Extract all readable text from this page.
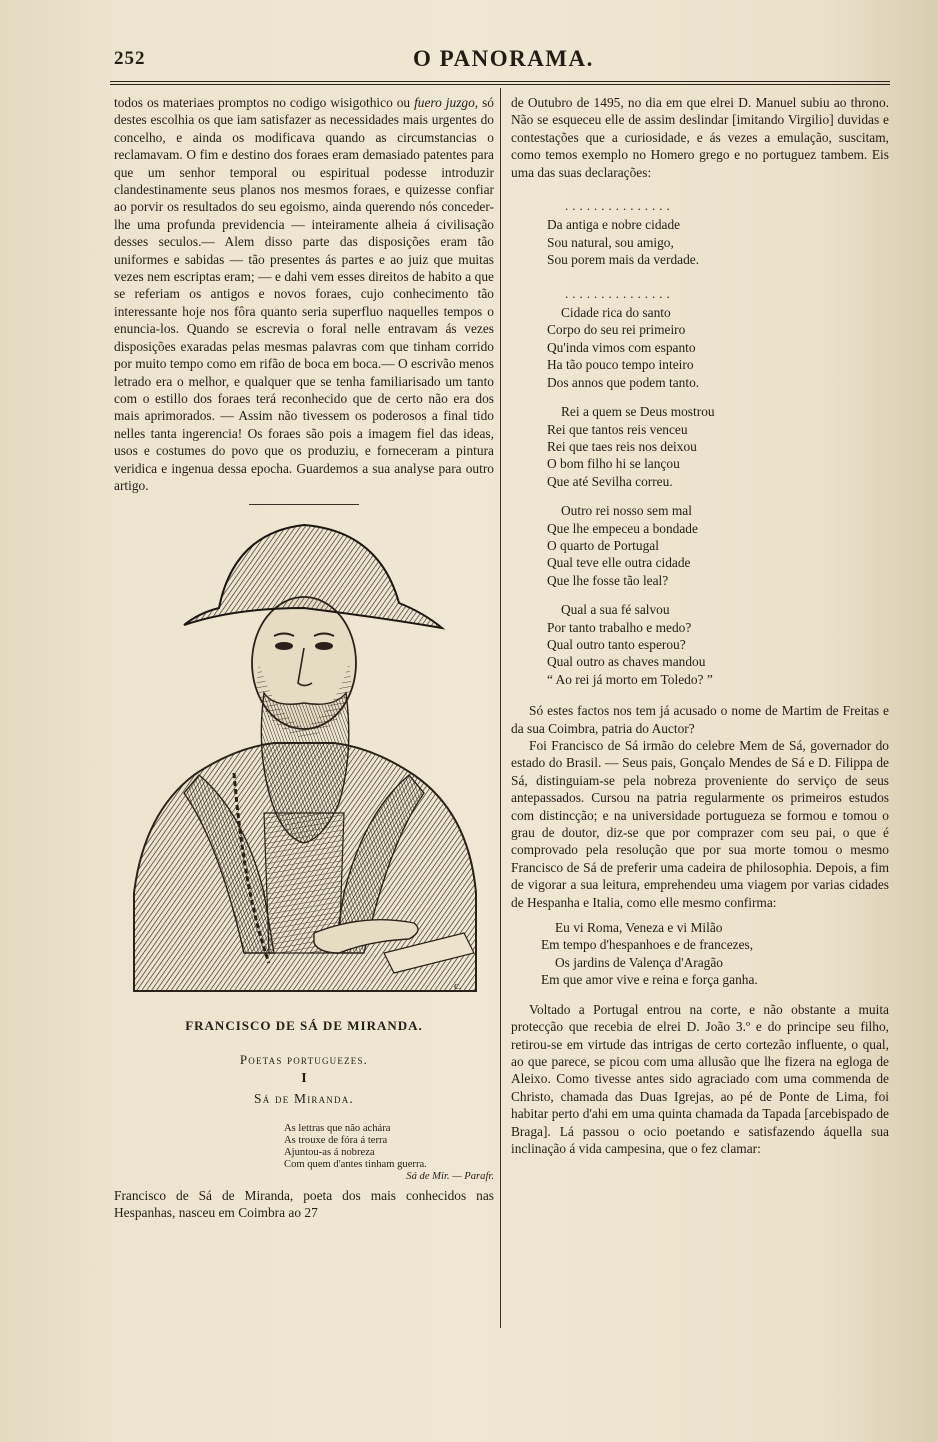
252	O PANORAMA.

todos os materiaes promptos no codigo wisigothico ou fuero juzgo, só destes escolhia os que iam satisfazer as necessidades mais urgentes do concelho, e ainda os modificava quando as circumstancias o reclamavam. O fim e destino dos foraes eram demasiado patentes para que um senhor temporal ou espiritual podesse introduzir clandestinamente seus planos nos mesmos foraes, e quizesse confiar ao porvir os resultados do seu egoismo, ainda querendo nós conceder-lhe uma profunda previdencia — inteiramente alheia á civilisação desses seculos.— Alem disso parte das disposições eram tão uniformes e sabidas — tão presentes ás partes e ao juiz que muitas vezes nem escriptas eram; — e dahi vem esses direitos de habito a que se referiam os antigos e novos foraes, cujo conhecimento tão interessante hoje nos fôra quanto seria superfluo naquelles tempos o enuncia-los. Quando se escrevia o foral nelle entravam ás vezes disposições exaradas pelas mesmas palavras com que tinham corrido por muito tempo como em rifão de boca em boca.— O escrivão menos letrado era o melhor, e qualquer que se tenha familiarisado um tanto com o estillo dos foraes terá reconhecido que de certo não era dos mais aprimorados. — Assim não tivessem os poderosos a final tido nelles tanta ingerencia! Os foraes são pois a imagem fiel das ideas, usos e costumes do povo que os produziu, e forneceram a pintura veridica e ingenua dessa epocha. Guardemos a sua analyse para outro artigo.

c.
FRANCISCO DE SÁ DE MIRANDA.
Poetas portuguezes.
I
Sá de Miranda.
As lettras que não achára
As trouxe de fóra á terra
Ajuntou-as á nobreza
Com quem d'antes tinham guerra.
Sá de Mir. — Parafr.

Francisco de Sá de Miranda, poeta dos mais conhecidos nas Hespanhas, nasceu em Coimbra ao 27

de Outubro de 1495, no dia em que elrei D. Manuel subiu ao throno. Não se esqueceu elle de assim deslindar [imitando Virgilio] duvidas e contestações que a curiosidade, e ás vezes a emulação, suscitam, como temos exemplo no Homero grego e no portuguez tambem. Eis uma das suas declarações:

...............
Da antiga e nobre cidade
Sou natural, sou amigo,
Sou porem mais da verdade.
...............
Cidade rica do santo
Corpo do seu rei primeiro
Qu'inda vimos com espanto
Ha tão pouco tempo inteiro
Dos annos que podem tanto.
Rei a quem se Deus mostrou
Rei que tantos reis venceu
Rei que taes reis nos deixou
O bom filho hi se lançou
Que até Sevilha correu.
Outro rei nosso sem mal
Que lhe empeceu a bondade
O quarto de Portugal
Qual teve elle outra cidade
Que lhe fosse tão leal?
Qual a sua fé salvou
Por tanto trabalho e medo?
Qual outro tanto esperou?
Qual outro as chaves mandou
“ Ao rei já morto em Toledo? ”

Só estes factos nos tem já acusado o nome de Martim de Freitas e da sua Coimbra, patria do Auctor?

Foi Francisco de Sá irmão do celebre Mem de Sá, governador do estado do Brasil. — Seus pais, Gonçalo Mendes de Sá e D. Filippa de Sá, distinguiam-se pela nobreza proveniente do serviço de seus antepassados. Cursou na patria regularmente os primeiros estudos com distincção; e na universidade portugueza se formou e tomou o grau de doutor, diz-se que por comprazer com seu pai, o que é comprovado pela resolução que por sua morte tomou o mesmo Francisco de Sá de preferir uma cadeira de philosophia. Depois, a fim de vigorar a sua leitura, emprehendeu uma viagem por varias cidades de Hespanha e Italia, como elle mesmo confirma:

Eu vi Roma, Veneza e vi Milão
Em tempo d'hespanhoes e de francezes,
Os jardins de Valença d'Aragão
Em que amor vive e reina e força ganha.

Voltado a Portugal entrou na corte, e não obstante a muita protecção que recebia de elrei D. João 3.º e do principe seu filho, retirou-se em virtude das intrigas de certo cortezão influente, o qual, ao que parece, se picou com uma allusão que lhe fizera na egloga de Aleixo. Como tivesse antes sido agraciado com uma commenda de Christo, chamada das Duas Igrejas, ao pé de Ponte de Lima, foi habitar perto d'ahi em uma quinta chamada da Tapada [arcebispado de Braga]. Lá passou o ocio poetando e satisfazendo áquella sua inclinação á vida campesina, que o fez clamar:
